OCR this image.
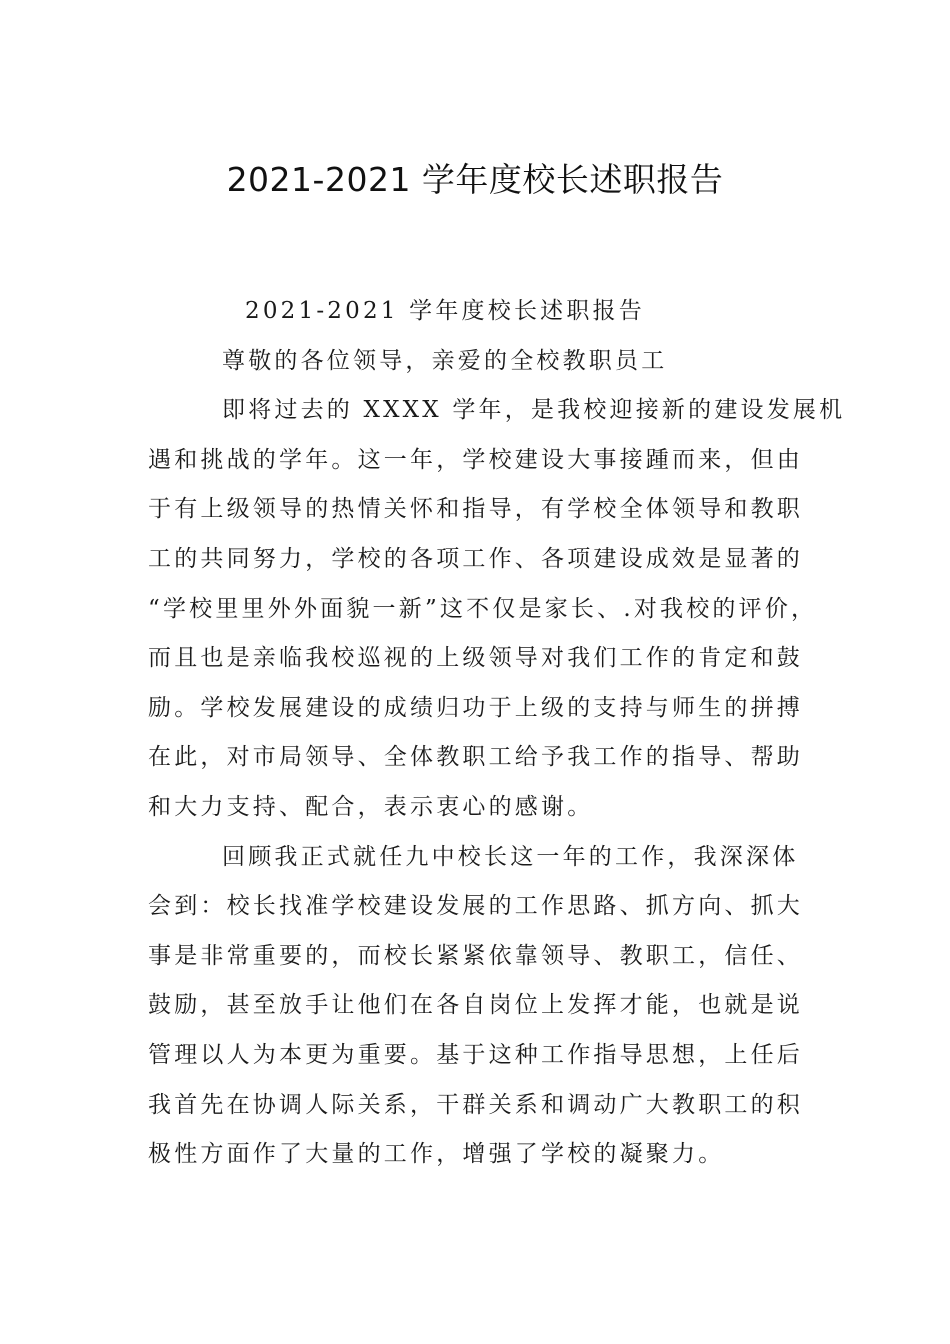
2021-2021 学年度校长述职报告
2021-2021 学年度校长述职报告
尊敬的各位领导，亲爱的全校教职员工
即将过去的 XXXX 学年，是我校迎接新的建设发展机
遇和挑战的学年。这一年，学校建设大事接踵而来，但由
于有上级领导的热情关怀和指导，有学校全体领导和教职
工的共同努力，学校的各项工作、各项建设成效是显著的
“学校里里外外面貌一新”这不仅是家长、.对我校的评价，
而且也是亲临我校巡视的上级领导对我们工作的肯定和鼓
励。学校发展建设的成绩归功于上级的支持与师生的拼搏
在此，对市局领导、全体教职工给予我工作的指导、帮助
和大力支持、配合，表示衷心的感谢。
回顾我正式就任九中校长这一年的工作，我深深体
会到：校长找准学校建设发展的工作思路、抓方向、抓大
事是非常重要的，而校长紧紧依靠领导、教职工，信任、
鼓励，甚至放手让他们在各自岗位上发挥才能，也就是说
管理以人为本更为重要。基于这种工作指导思想，上任后
我首先在协调人际关系，干群关系和调动广大教职工的积
极性方面作了大量的工作，增强了学校的凝聚力。
